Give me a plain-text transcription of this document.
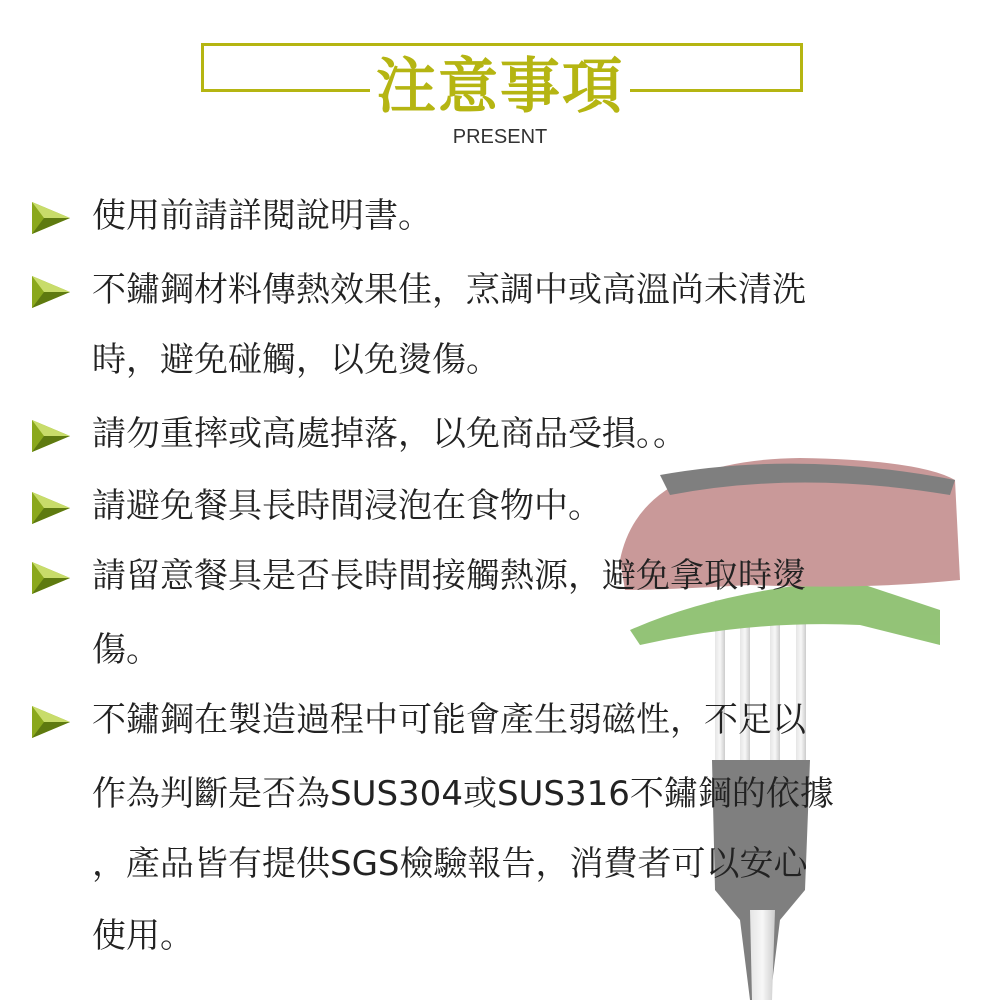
注意事項
PRESENT
使用前請詳閱說明書。
不鏽鋼材料傳熱效果佳，烹調中或高溫尚未清洗
時，避免碰觸，以免燙傷。
請勿重摔或高處掉落，以免商品受損。。
請避免餐具長時間浸泡在食物中。
請留意餐具是否長時間接觸熱源，避免拿取時燙
傷。
不鏽鋼在製造過程中可能會產生弱磁性，不足以
作為判斷是否為SUS304或SUS316不鏽鋼的依據
，產品皆有提供SGS檢驗報告，消費者可以安心
使用。
